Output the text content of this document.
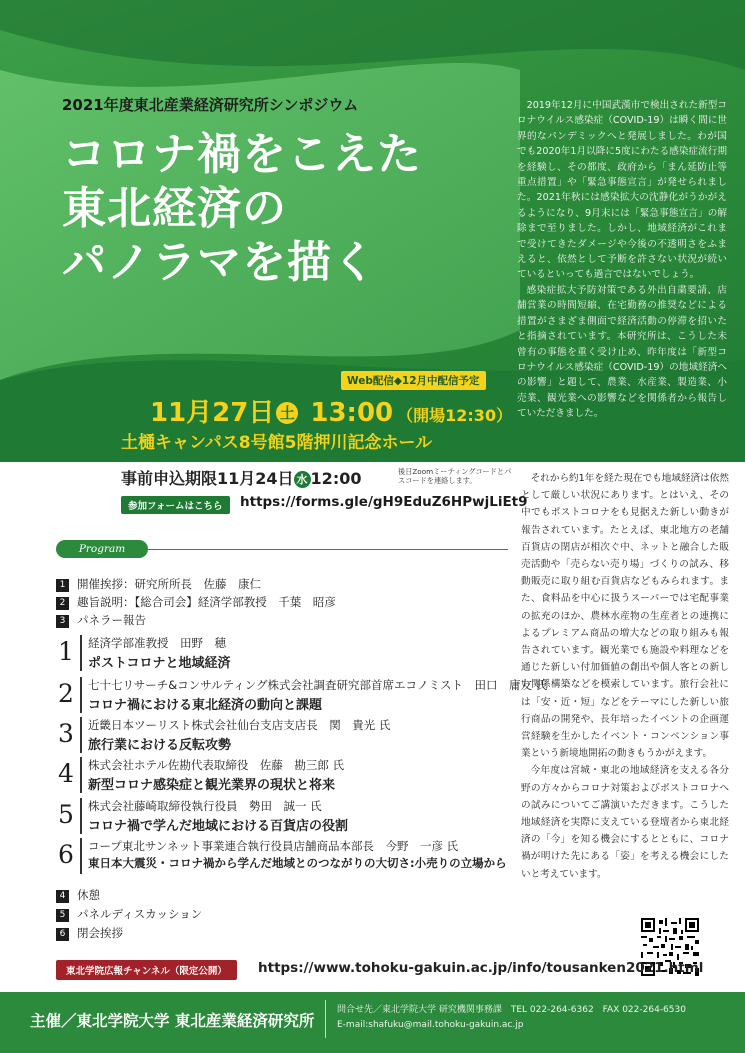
2021年度東北産業経済研究所シンポジウム
コロナ禍をこえた
東北経済の
パノラマを描く

2019年12月に中国武漢市で検出された新型コロナウイルス感染症（COVID-19）は瞬く間に世界的なパンデミックへと発展しました。わが国でも2020年1月以降に5度にわたる感染症流行期を経験し、その都度、政府から「まん延防止等重点措置」や「緊急事態宣言」が発せられました。2021年秋には感染拡大の沈静化がうかがえるようになり、9月末には「緊急事態宣言」の解除まで至りました。しかし、地域経済がこれまで受けてきたダメージや今後の不透明さをふまえると、依然として予断を許さない状況が続いているといっても過言ではないでしょう。

感染症拡大予防対策である外出自粛要請、店舗営業の時間短縮、在宅勤務の推奨などによる措置がさまざま側面で経済活動の停滞を招いたと指摘されています。本研究所は、こうした未曾有の事態を重く受け止め、昨年度は「新型コロナウイルス感染症（COVID-19）の地域経済への影響」と題して、農業、水産業、製造業、小売業、観光業への影響などを関係者から報告していただきました。

Web配信◆12月中配信予定
11月27日 土 13:00 （開場12:30）
土樋キャンパス8号館5階押川記念ホール
事前申込期限11月24日 水 12:00	後日Zoomミーティングコードとパスコードを連絡します。
参加フォームはこちら	https://forms.gle/gH9EduZ6HPwjLiEt9
Program
1 開催挨拶：研究所所長　佐藤　康仁
2 趣旨説明：【総合司会】経済学部教授　千葉　昭彦
3 パネラー報告
1 経済学部准教授　田野　穂
ポストコロナと地域経済
2 七十七リサーチ&コンサルティング株式会社調査研究部首席エコノミスト　田口　庸友 氏
コロナ禍における東北経済の動向と課題
3 近畿日本ツーリスト株式会社仙台支店支店長　関　貴光 氏
旅行業における反転攻勢
4 株式会社ホテル佐勘代表取締役　佐藤　勘三郎 氏
新型コロナ感染症と観光業界の現状と将来
5 株式会社藤崎取締役執行役員　勢田　誠一 氏
コロナ禍で学んだ地域における百貨店の役割
6 コープ東北サンネット事業連合執行役員店舗商品本部長　今野　一彦 氏
東日本大震災・コロナ禍から学んだ地域とのつながりの大切さ:小売りの立場から
4 休憩
5 パネルディスカッション
6 閉会挨拶

それから約1年を経た現在でも地域経済は依然として厳しい状況にあります。とはいえ、その中でもポストコロナをも見据えた新しい動きが報告されています。たとえば、東北地方の老舗百貨店の閉店が相次ぐ中、ネットと融合した販売活動や「売らない売り場」づくりの試み、移動販売に取り組む百貨店などもみられます。また、食料品を中心に扱うスーパーでは宅配事業の拡充のほか、農林水産物の生産者との連携によるプレミアム商品の増大などの取り組みも報告されています。観光業でも施設や料理などを通じた新しい付加価値の創出や個人客との新しい関係構築などを模索しています。旅行会社には「安・近・短」などをテーマにした新しい旅行商品の開発や、長年培ったイベントの企画運営経験を生かしたイベント・コンベンション事業という新境地開拓の動きもうかがえます。

今年度は宮城・東北の地域経済を支える各分野の方々からコロナ対策およびポストコロナへの試みについてご講演いただきます。こうした地域経済を実際に支えている登壇者から東北経済の「今」を知る機会にするとともに、コロナ禍が明けた先にある「姿」を考える機会にしたいと考えています。

東北学院広報チャンネル（限定公開）	https://www.tohoku-gakuin.ac.jp/info/tousanken2021.html
主催／東北学院大学 東北産業経済研究所
問合せ先／東北学院大学 研究機関事務課　TEL 022-264-6362　FAX 022-264-6530
E-mail:shafuku@mail.tohoku-gakuin.ac.jp
